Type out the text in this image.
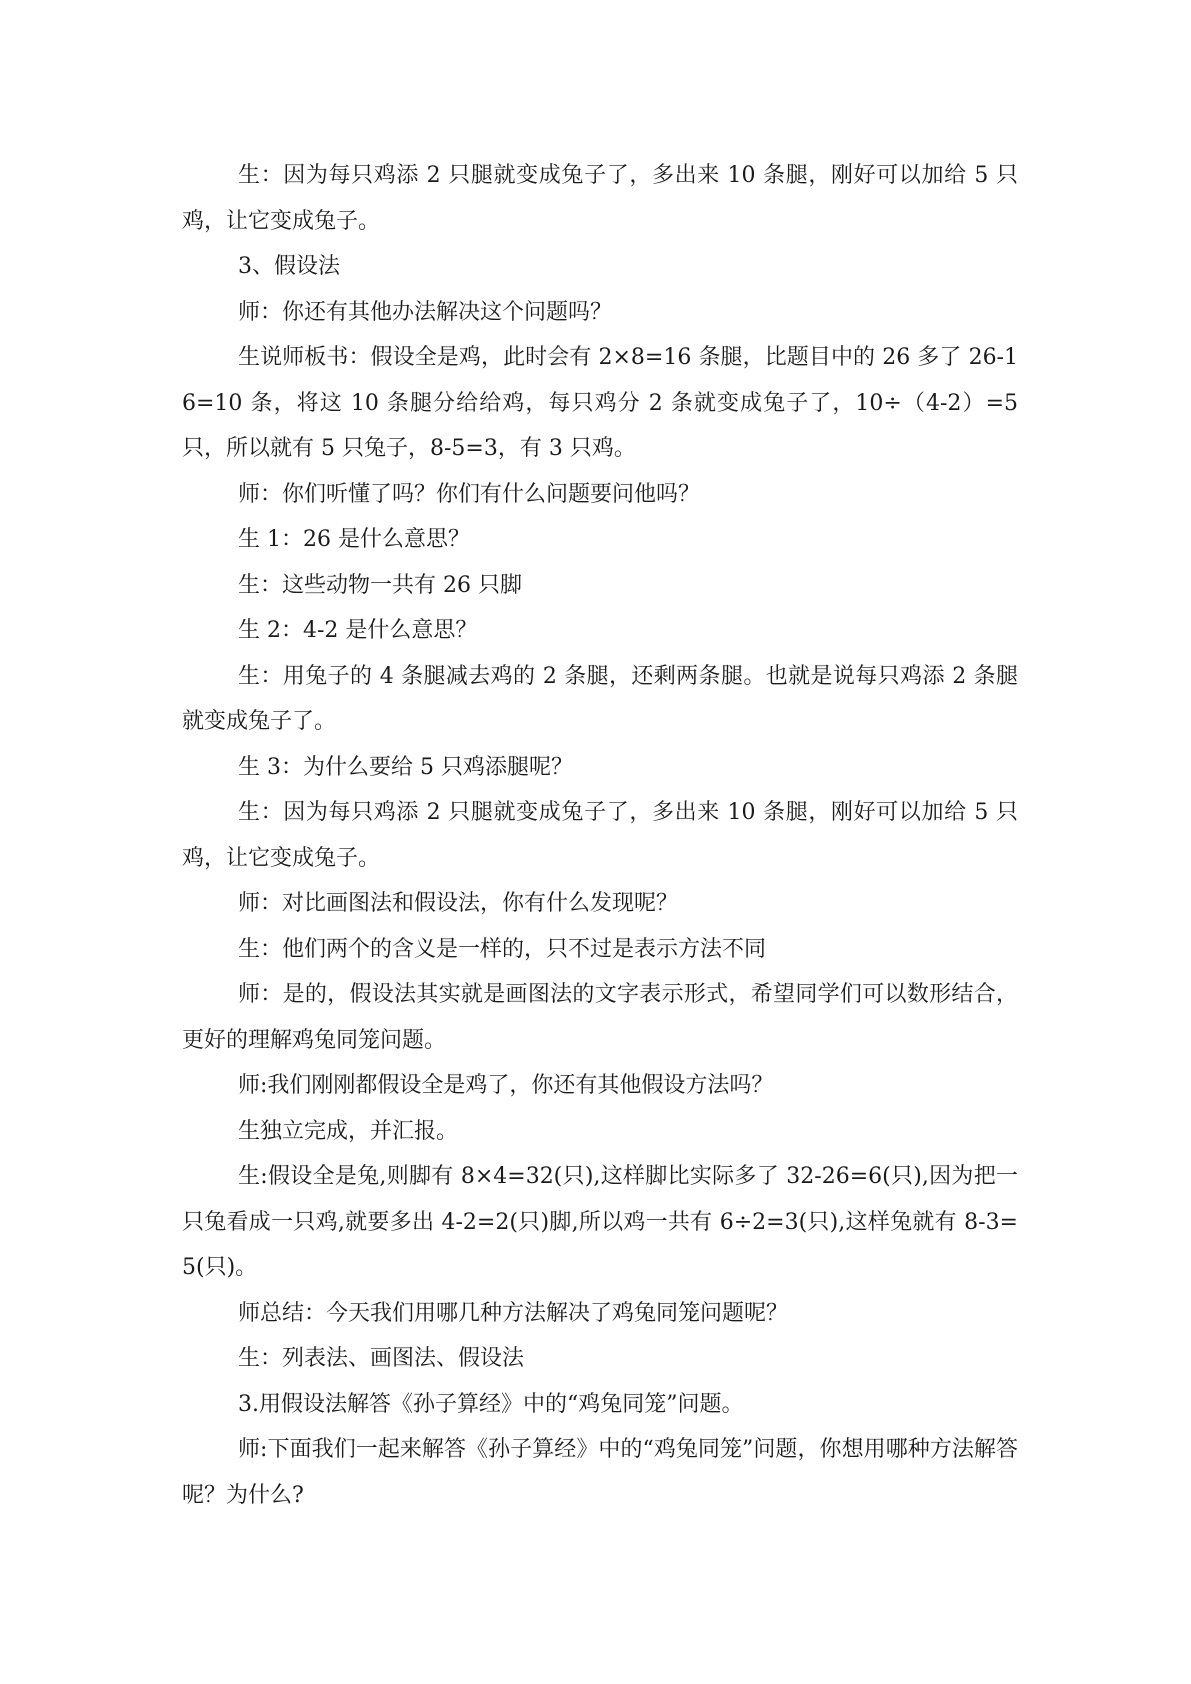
生：因为每只鸡添 2 只腿就变成兔子了，多出来 10 条腿，刚好可以加给 5 只鸡，让它变成兔子。

3、假设法

师：你还有其他办法解决这个问题吗？

生说师板书：假设全是鸡，此时会有 2×8=16 条腿，比题目中的 26 多了 26-16=10 条，将这 10 条腿分给给鸡，每只鸡分 2 条就变成兔子了，10÷（4-2）=5 只，所以就有 5 只兔子，8-5=3，有 3 只鸡。

师：你们听懂了吗？你们有什么问题要问他吗？

生 1：26 是什么意思？

生：这些动物一共有 26 只脚

生 2：4-2 是什么意思？

生：用兔子的 4 条腿减去鸡的 2 条腿，还剩两条腿。也就是说每只鸡添 2 条腿就变成兔子了。

生 3：为什么要给 5 只鸡添腿呢？

生：因为每只鸡添 2 只腿就变成兔子了，多出来 10 条腿，刚好可以加给 5 只鸡，让它变成兔子。

师：对比画图法和假设法，你有什么发现呢？

生：他们两个的含义是一样的，只不过是表示方法不同

师：是的，假设法其实就是画图法的文字表示形式，希望同学们可以数形结合，更好的理解鸡兔同笼问题。

师:我们刚刚都假设全是鸡了，你还有其他假设方法吗？

生独立完成，并汇报。

生:假设全是兔,则脚有 8×4=32(只),这样脚比实际多了 32-26=6(只),因为把一只兔看成一只鸡,就要多出 4-2=2(只)脚,所以鸡一共有 6÷2=3(只),这样兔就有 8-3=5(只)。

师总结：今天我们用哪几种方法解决了鸡兔同笼问题呢？

生：列表法、画图法、假设法

3.用假设法解答《孙子算经》中的“鸡兔同笼”问题。

师:下面我们一起来解答《孙子算经》中的“鸡兔同笼”问题，你想用哪种方法解答呢？为什么?
